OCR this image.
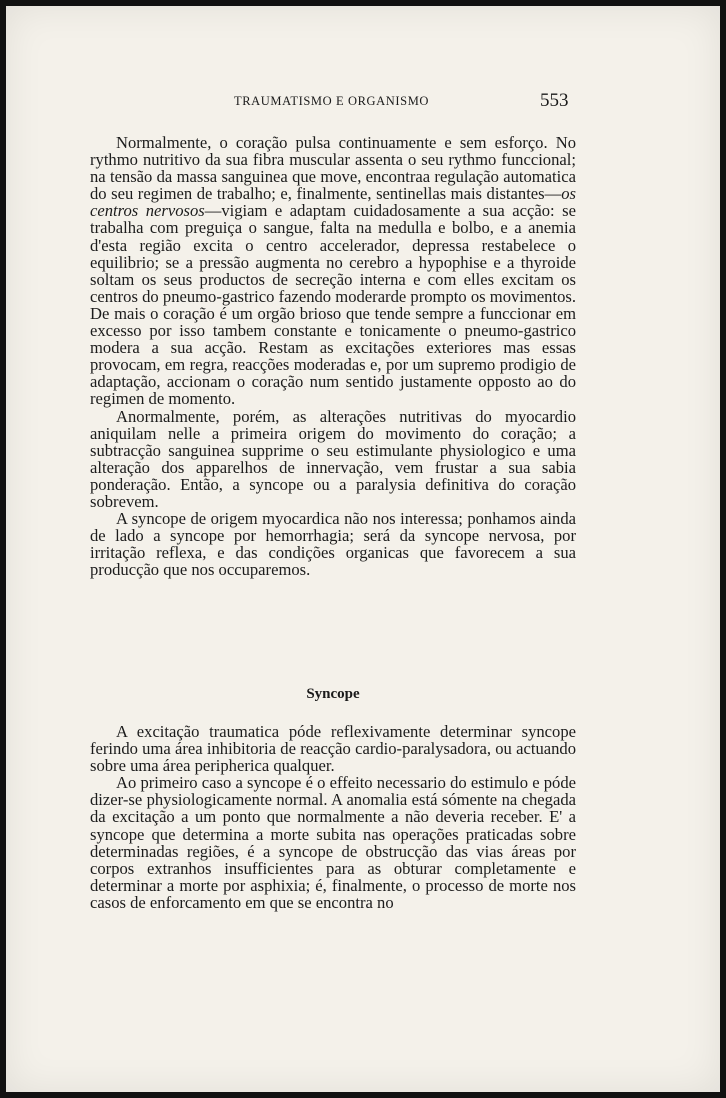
TRAUMATISMO E ORGANISMO	553

Normalmente, o coração pulsa continuamente e sem esforço. No rythmo nutritivo da sua fibra muscular assenta o seu rythmo funccional; na tensão da massa sanguinea que move, encontraa regulação automatica do seu regimen de trabalho; e, finalmente, sentinellas mais distantes—os centros nervosos—vigiam e adaptam cuidadosamente a sua acção: se trabalha com preguiça o sangue, falta na medulla e bolbo, e a anemia d'esta região excita o centro accelerador, depressa restabelece o equilibrio; se a pressão augmenta no cerebro a hypophise e a thyroide soltam os seus productos de secreção interna e com elles excitam os centros do pneumo-gastrico fazendo moderarde prompto os movimentos. De mais o coração é um orgão brioso que tende sempre a funccionar em excesso por isso tambem constante e tonicamente o pneumo-gastrico modera a sua acção. Restam as excitações exteriores mas essas provocam, em regra, reacções moderadas e, por um supremo prodigio de adaptação, accionam o coração num sentido justamente opposto ao do regimen de momento.

Anormalmente, porém, as alterações nutritivas do myocardio aniquilam nelle a primeira origem do movimento do coração; a subtracção sanguinea supprime o seu estimulante physiologico e uma alteração dos apparelhos de innervação, vem frustar a sua sabia ponderação. Então, a syncope ou a paralysia definitiva do coração sobrevem.

A syncope de origem myocardica não nos interessa; ponhamos ainda de lado a syncope por hemorrhagia; será da syncope nervosa, por irritação reflexa, e das condições organicas que favorecem a sua producção que nos occuparemos.

Syncope

A excitação traumatica póde reflexivamente determinar syncope ferindo uma área inhibitoria de reacção cardio-paralysadora, ou actuando sobre uma área peripherica qualquer.

Ao primeiro caso a syncope é o effeito necessario do estimulo e póde dizer-se physiologicamente normal. A anomalia está sómente na chegada da excitação a um ponto que normalmente a não deveria receber. E' a syncope que determina a morte subita nas operações praticadas sobre determinadas regiões, é a syncope de obstrucção das vias áreas por corpos extranhos insufficientes para as obturar completamente e determinar a morte por asphixia; é, finalmente, o processo de morte nos casos de enforcamento em que se encontra no
